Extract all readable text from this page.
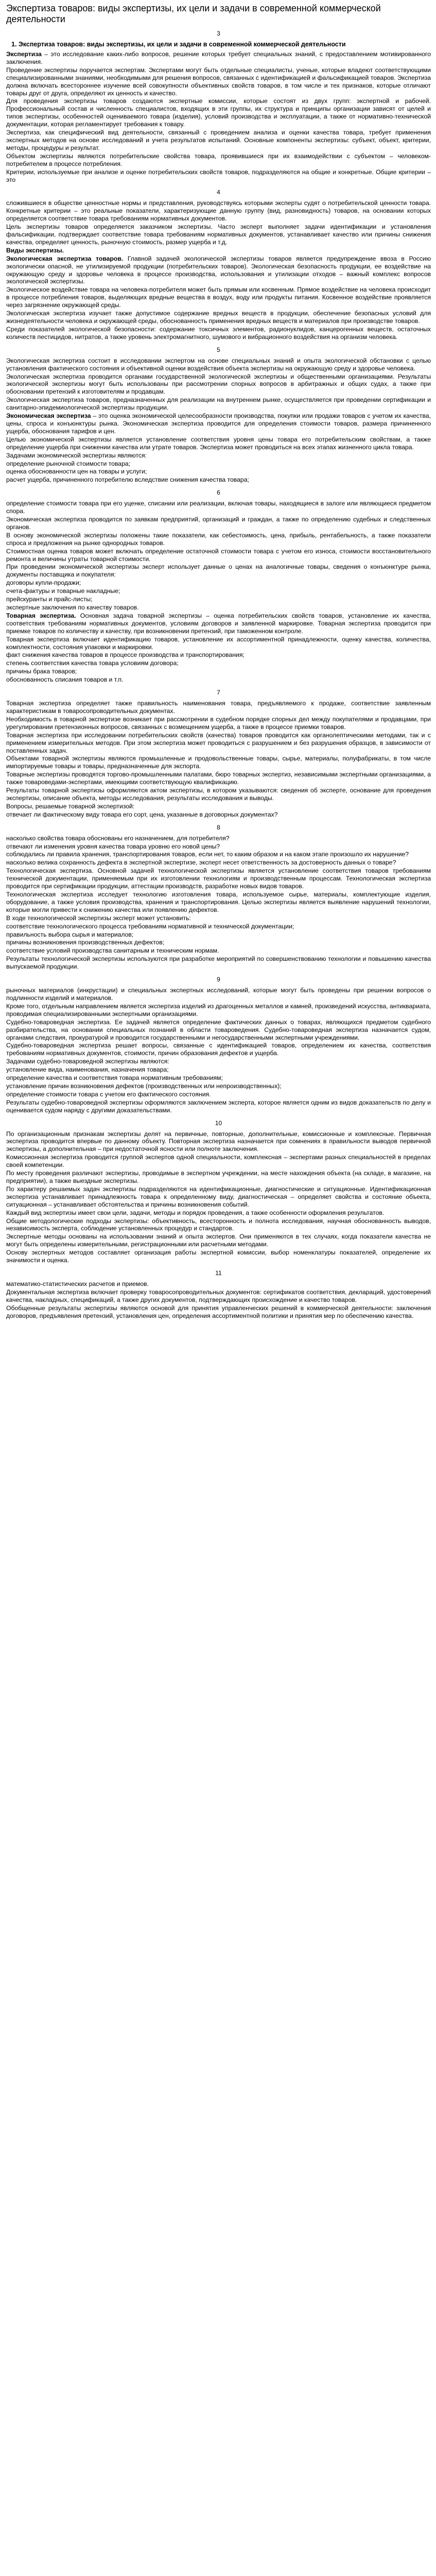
Экспертиза товаров: виды экспертизы, их цели и задачи в современной коммерческой деятельности
3
1. Экспертиза товаров: виды экспертизы, их цели и задачи в современной коммерческой деятельности

Экспертиза – это исследование каких-либо вопросов, решение которых требует специальных знаний, с предоставлением мотивированного заключения.

Проведение экспертизы поручается экспертам. Экспертами могут быть отдельные специалисты, ученые, которые владеют соответствующими специализированными знаниями, необходимыми для решения вопросов, связанных с идентификацией и фальсификацией товаров. Экспертиза должна включать всестороннее изучение всей совокупности объективных свойств товаров, в том числе и тех признаков, которые отличают товары друг от друга, определяют их ценность и качество.

Для проведения экспертизы товаров создаются экспертные комиссии, которые состоят из двух групп: экспертной и рабочей. Профессиональный состав и численность специалистов, входящих в эти группы, их структура и принципы организации зависят от целей и типов экспертизы, особенностей оцениваемого товара (изделия), условий производства и эксплуатации, а также от нормативно-технической документации, которая регламентирует требования к товару.

Экспертиза, как специфический вид деятельности, связанный с проведением анализа и оценки качества товара, требует применения экспертных методов на основе исследований и учета результатов испытаний. Основные компоненты экспертизы: субъект, объект, критерии, методы, процедуры и результат.

Объектом экспертизы являются потребительские свойства товара, проявившиеся при их взаимодействии с субъектом – человеком-потребителем в процессе потребления.

Критерии, используемые при анализе и оценке потребительских свойств товаров, подразделяются на общие и конкретные. Общие критерии – это

4

сложившиеся в обществе ценностные нормы и представления, руководствуясь которыми эксперты судят о потребительской ценности товара. Конкретные критерии – это реальные показатели, характеризующие данную группу (вид, разновидность) товаров, на основании которых определяется соответствие товара требованиям нормативных документов.

Цель экспертизы товаров определяется заказчиком экспертизы. Часто эксперт выполняет задачи идентификации и установления фальсификации, подтверждает соответствие товара требованиям нормативных документов, устанавливает качество или причины снижения качества, определяет ценность, рыночную стоимость, размер ущерба и т.д.

Виды экспертизы.

Экологическая экспертиза товаров. Главной задачей экологической экспертизы товаров является предупреждение ввоза в Россию экологически опасной, не утилизируемой продукции (потребительских товаров). Экологическая безопасность продукции, ее воздействие на окружающую среду и здоровье человека в процессе производства, использования и утилизации отходов – важный комплекс вопросов экологической экспертизы.

Экологическое воздействие товара на человека-потребителя может быть прямым или косвенным. Прямое воздействие на человека происходит в процессе потребления товаров, выделяющих вредные вещества в воздух, воду или продукты питания. Косвенное воздействие проявляется через загрязнение окружающей среды.

Экологическая экспертиза изучает также допустимое содержание вредных веществ в продукции, обеспечение безопасных условий для жизнедеятельности человека и окружающей среды, обоснованность применения вредных веществ и материалов при производстве товаров.

Среди показателей экологической безопасности: содержание токсичных элементов, радионуклидов, канцерогенных веществ, остаточных количеств пестицидов, нитратов, а также уровень электромагнитного, шумового и вибрационного воздействия на организм человека.

5

Экологическая экспертиза состоит в исследовании экспертом на основе специальных знаний и опыта экологической обстановки с целью установления фактического состояния и объективной оценки воздействия объекта экспертизы на окружающую среду и здоровье человека.

Экологическая экспертиза проводится органами государственной экологической экспертизы и общественными организациями. Результаты экологической экспертизы могут быть использованы при рассмотрении спорных вопросов в арбитражных и общих судах, а также при обосновании претензий к изготовителям и продавцам.

Экологическая экспертиза товаров, предназначенных для реализации на внутреннем рынке, осуществляется при проведении сертификации и санитарно-эпидемиологической экспертизы продукции.

Экономическая экспертиза – это оценка экономической целесообразности производства, покупки или продажи товаров с учетом их качества, цены, спроса и конъюнктуры рынка. Экономическая экспертиза проводится для определения стоимости товаров, размера причиненного ущерба, обоснования тарифов и цен.

Целью экономической экспертизы является установление соответствия уровня цены товара его потребительским свойствам, а также определение ущерба при снижении качества или утрате товаров. Экспертиза может проводиться на всех этапах жизненного цикла товара.

Задачами экономической экспертизы являются:

определение рыночной стоимости товара;

оценка обоснованности цен на товары и услуги;

расчет ущерба, причиненного потребителю вследствие снижения качества товара;

6

определение стоимости товара при его уценке, списании или реализации, включая товары, находящиеся в залоге или являющиеся предметом спора.

Экономическая экспертиза проводится по заявкам предприятий, организаций и граждан, а также по определению судебных и следственных органов.

В основу экономической экспертизы положены такие показатели, как себестоимость, цена, прибыль, рентабельность, а также показатели спроса и предложения на рынке однородных товаров.

Стоимостная оценка товаров может включать определение остаточной стоимости товара с учетом его износа, стоимости восстановительного ремонта и величины утраты товарной стоимости.

При проведении экономической экспертизы эксперт использует данные о ценах на аналогичные товары, сведения о конъюнктуре рынка, документы поставщика и покупателя:

договоры купли-продажи;

счета-фактуры и товарные накладные;

прейскуранты и прайс-листы;

экспертные заключения по качеству товаров.

Товарная экспертиза. Основная задача товарной экспертизы – оценка потребительских свойств товаров, установление их качества, соответствия требованиям нормативных документов, условиям договоров и заявленной маркировке. Товарная экспертиза проводится при приемке товаров по количеству и качеству, при возникновении претензий, при таможенном контроле.

Товарная экспертиза включает идентификацию товаров, установление их ассортиментной принадлежности, оценку качества, количества, комплектности, состояния упаковки и маркировки.

факт снижения качества товаров в процессе производства и транспортирования;

степень соответствия качества товара условиям договора;

причины брака товаров;

обоснованность списания товаров и т.п.

7

Товарная экспертиза определяет также правильность наименования товара, предъявляемого к продаже, соответствие заявленным характеристикам в товаросопроводительных документах.

Необходимость в товарной экспертизе возникает при рассмотрении в судебном порядке спорных дел между покупателями и продавцами, при урегулировании претензионных вопросов, связанных с возмещением ущерба, а также в процессе приемки товаров.

Товарная экспертиза при исследовании потребительских свойств (качества) товаров проводится как органолептическими методами, так и с применением измерительных методов. При этом экспертиза может проводиться с разрушением и без разрушения образцов, в зависимости от поставленных задач.

Объектами товарной экспертизы являются промышленные и продовольственные товары, сырье, материалы, полуфабрикаты, в том числе импортируемые товары и товары, предназначенные для экспорта.

Товарные экспертизы проводятся торгово-промышленными палатами, бюро товарных экспертиз, независимыми экспертными организациями, а также товароведами-экспертами, имеющими соответствующую квалификацию.

Результаты товарной экспертизы оформляются актом экспертизы, в котором указываются: сведения об эксперте, основание для проведения экспертизы, описание объекта, методы исследования, результаты исследования и выводы.

Вопросы, решаемые товарной экспертизой:

отвечает ли фактическому виду товара его сорт, цена, указанные в договорных документах?

8

насколько свойства товара обоснованы его назначением, для потребителя?

отвечают ли изменения уровня качества товара уровню его новой цены?

соблюдались ли правила хранения, транспортирования товаров, если нет, то каким образом и на каком этапе произошло их нарушение?

насколько велика сохранность дефекта в экспертной экспертизе, эксперт несет ответственность за достоверность данных о товаре?

Технологическая экспертиза. Основной задачей технологической экспертизы является установление соответствия товаров требованиям технической документации, применяемым при их изготовлении технологиям и производственным процессам. Технологическая экспертиза проводится при сертификации продукции, аттестации производств, разработке новых видов товаров.

Технологическая экспертиза исследует технологию изготовления товара, используемое сырье, материалы, комплектующие изделия, оборудование, а также условия производства, хранения и транспортирования. Целью экспертизы является выявление нарушений технологии, которые могли привести к снижению качества или появлению дефектов.

В ходе технологической экспертизы эксперт может установить:

соответствие технологического процесса требованиям нормативной и технической документации;

правильность выбора сырья и материалов;

причины возникновения производственных дефектов;

соответствие условий производства санитарным и техническим нормам.

Результаты технологической экспертизы используются при разработке мероприятий по совершенствованию технологии и повышению качества выпускаемой продукции.

9

рыночных материалов (инкрустации) и специальных экспертных исследований, которые могут быть проведены при решении вопросов о подлинности изделий и материалов.

Кроме того, отдельным направлением является экспертиза изделий из драгоценных металлов и камней, произведений искусства, антиквариата, проводимая специализированными экспертными организациями.

Судебно-товароведная экспертиза. Ее задачей является определение фактических данных о товарах, являющихся предметом судебного разбирательства, на основании специальных познаний в области товароведения. Судебно-товароведная экспертиза назначается судом, органами следствия, прокуратурой и проводится государственными и негосударственными экспертными учреждениями.

Судебно-товароведная экспертиза решает вопросы, связанные с идентификацией товаров, определением их качества, соответствия требованиям нормативных документов, стоимости, причин образования дефектов и ущерба.

Задачами судебно-товароведной экспертизы являются:

установление вида, наименования, назначения товара;

определение качества и соответствия товара нормативным требованиям;

установление причин возникновения дефектов (производственных или непроизводственных);

определение стоимости товара с учетом его фактического состояния.

Результаты судебно-товароведной экспертизы оформляются заключением эксперта, которое является одним из видов доказательств по делу и оценивается судом наряду с другими доказательствами.

10

По организационным признакам экспертизы делят на первичные, повторные, дополнительные, комиссионные и комплексные. Первичная экспертиза проводится впервые по данному объекту. Повторная экспертиза назначается при сомнениях в правильности выводов первичной экспертизы, а дополнительная – при недостаточной ясности или полноте заключения.

Комиссионная экспертиза проводится группой экспертов одной специальности, комплексная – экспертами разных специальностей в пределах своей компетенции.

По месту проведения различают экспертизы, проводимые в экспертном учреждении, на месте нахождения объекта (на складе, в магазине, на предприятии), а также выездные экспертизы.

По характеру решаемых задач экспертизы подразделяются на идентификационные, диагностические и ситуационные. Идентификационная экспертиза устанавливает принадлежность товара к определенному виду, диагностическая – определяет свойства и состояние объекта, ситуационная – устанавливает обстоятельства и причины возникновения событий.

Каждый вид экспертизы имеет свои цели, задачи, методы и порядок проведения, а также особенности оформления результатов.

Общие методологические подходы экспертизы: объективность, всесторонность и полнота исследования, научная обоснованность выводов, независимость эксперта, соблюдение установленных процедур и стандартов.

Экспертные методы основаны на использовании знаний и опыта экспертов. Они применяются в тех случаях, когда показатели качества не могут быть определены измерительными, регистрационными или расчетными методами.

Основу экспертных методов составляет организация работы экспертной комиссии, выбор номенклатуры показателей, определение их значимости и оценка.

11

математико-статистических расчетов и приемов.

Документальная экспертиза включает проверку товаросопроводительных документов: сертификатов соответствия, деклараций, удостоверений качества, накладных, спецификаций, а также других документов, подтверждающих происхождение и качество товаров.

Обобщенные результаты экспертизы являются основой для принятия управленческих решений в коммерческой деятельности: заключения договоров, предъявления претензий, установления цен, определения ассортиментной политики и принятия мер по обеспечению качества.
